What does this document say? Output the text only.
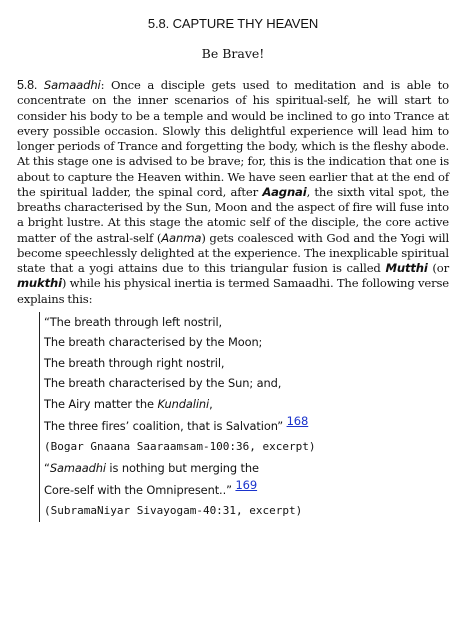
5.8. CAPTURE THY HEAVEN
Be Brave!
5.8. Samaadhi: Once a disciple gets used to meditation and is able to concentrate on the inner scenarios of his spiritual-self, he will start to consider his body to be a temple and would be inclined to go into Trance at every possible occasion. Slowly this delightful experience will lead him to longer periods of Trance and forgetting the body, which is the fleshy abode. At this stage one is advised to be brave; for, this is the indication that one is about to capture the Heaven within. We have seen earlier that at the end of the spiritual ladder, the spinal cord, after Aagnai, the sixth vital spot, the breaths characterised by the Sun, Moon and the aspect of fire will fuse into a bright lustre. At this stage the atomic self of the disciple, the core active matter of the astral-self (Aanma) gets coalesced with God and the Yogi will become speechlessly delighted at the experience. The inexplicable spiritual state that a yogi attains due to this triangular fusion is called Mutthi (or mukthi) while his physical inertia is termed Samaadhi. The following verse explains this:
“The breath through left nostril,
The breath characterised by the Moon;
The breath through right nostril,
The breath characterised by the Sun; and,
The Airy matter the Kundalini,
The three fires’ coalition, that is Salvation” 168
(Bogar Gnaana Saaraamsam-100:36, excerpt)
“Samaadhi is nothing but merging the
Core-self with the Omnipresent..” 169
(SubramaNiyar Sivayogam-40:31, excerpt)
